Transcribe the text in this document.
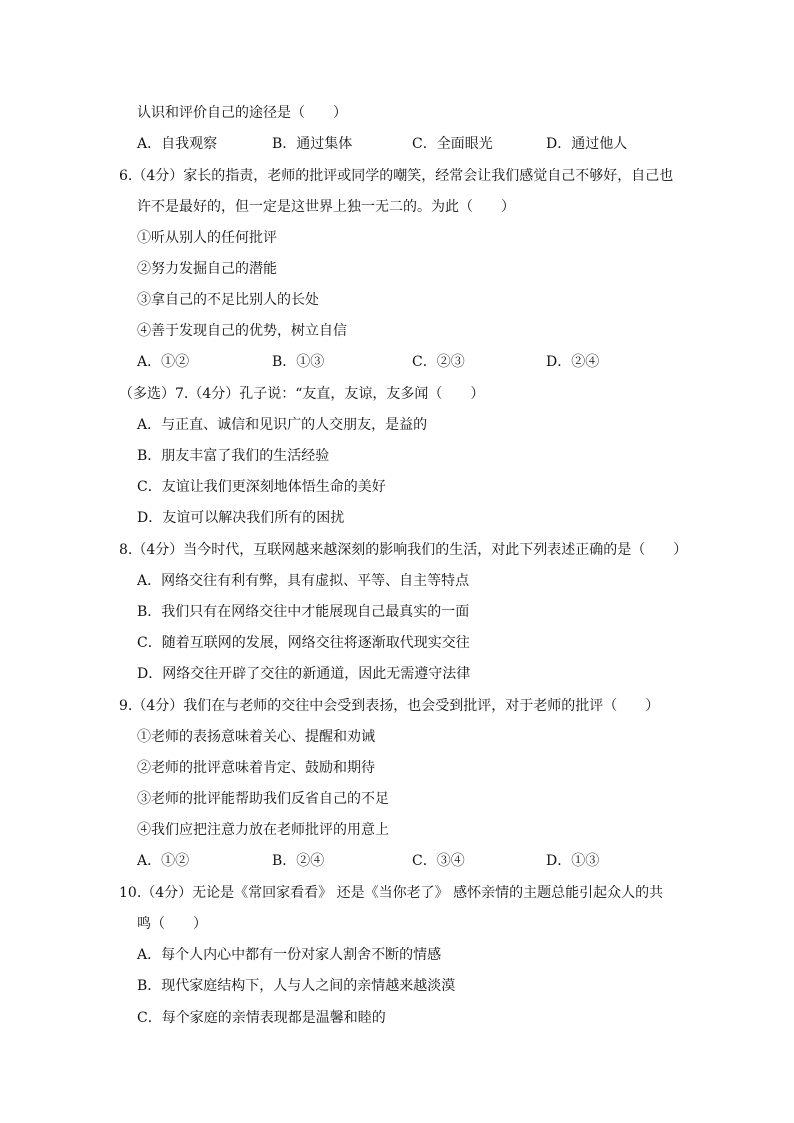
认识和评价自己的途径是（　　）
A．自我观察	B．通过集体	C．全面眼光	D．通过他人
6.（4分）家长的指责，老师的批评或同学的嘲笑，经常会让我们感觉自己不够好，自己也
许不是最好的，但一定是这世界上独一无二的。为此（　　）
①听从别人的任何批评
②努力发掘自己的潜能
③拿自己的不足比别人的长处
④善于发现自己的优势，树立自信
A．①②	B．①③	C．②③	D．②④
（多选）7.（4分）孔子说：“友直，友谅，友多闻（　　）
A．与正直、诚信和见识广的人交朋友，是益的
B．朋友丰富了我们的生活经验
C．友谊让我们更深刻地体悟生命的美好
D．友谊可以解决我们所有的困扰
8.（4分）当今时代，互联网越来越深刻的影响我们的生活，对此下列表述正确的是（　　）
A．网络交往有利有弊，具有虚拟、平等、自主等特点
B．我们只有在网络交往中才能展现自己最真实的一面
C．随着互联网的发展，网络交往将逐渐取代现实交往
D．网络交往开辟了交往的新通道，因此无需遵守法律
9.（4分）我们在与老师的交往中会受到表扬，也会受到批评，对于老师的批评（　　）
①老师的表扬意味着关心、提醒和劝诫
②老师的批评意味着肯定、鼓励和期待
③老师的批评能帮助我们反省自己的不足
④我们应把注意力放在老师批评的用意上
A．①②	B．②④	C．③④	D．①③
10.（4分）无论是《常回家看看》 还是《当你老了》 感怀亲情的主题总能引起众人的共
鸣（　　）
A．每个人内心中都有一份对家人割舍不断的情感
B．现代家庭结构下，人与人之间的亲情越来越淡漠
C．每个家庭的亲情表现都是温馨和睦的
